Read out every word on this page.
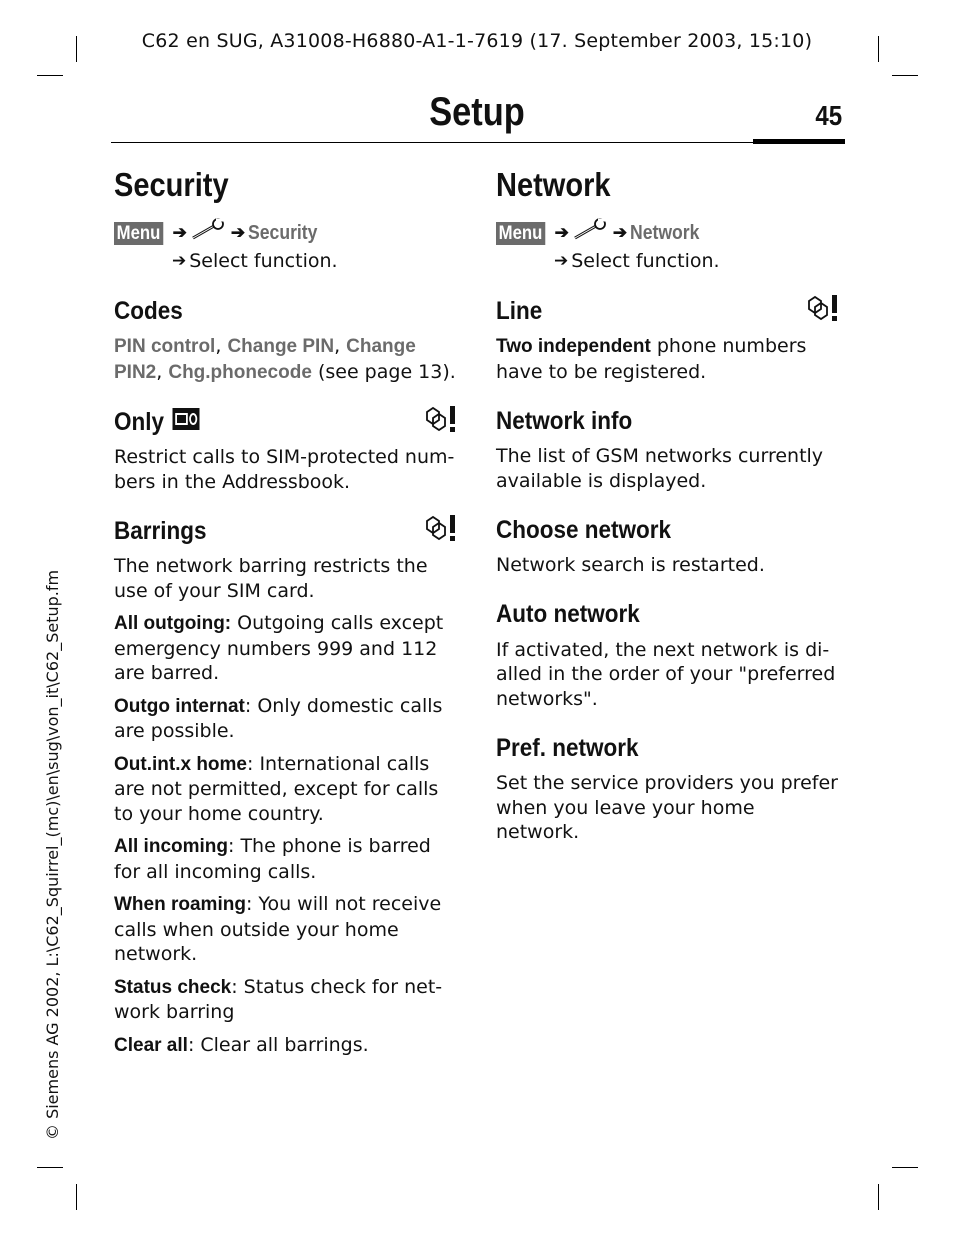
C62 en SUG, A31008-H6880-A1-1-7619 (17. September 2003, 15:10)
Setup	45
© Siemens AG 2002, L:\C62_Squirrel_(mc)\en\sug\von_it\C62_Setup.fm
Security
Menu ➔	➔ Security
➔ Select function.
Codes

PIN control, Change PIN, Change PIN2, Chg.phonecode (see page 13).

Only

Restrict calls to SIM-protected num-bers in the Addressbook.

Barrings

The network barring restricts the use of your SIM card.

All outgoing: Outgoing calls except emergency numbers 999 and 112 are barred.

Outgo internat: Only domestic calls are possible.

Out.int.x home: International calls are not permitted, except for calls to your home country.

All incoming: The phone is barred for all incoming calls.

When roaming: You will not receive calls when outside your home network.

Status check: Status check for net-work barring

Clear all: Clear all barrings.

Network
Menu ➔	➔ Network
➔ Select function.
Line

Two independent phone numbers have to be registered.

Network info

The list of GSM networks currently available is displayed.

Choose network

Network search is restarted.

Auto network

If activated, the next network is di-alled in the order of your "preferred networks".

Pref. network

Set the service providers you prefer when you leave your home network.
